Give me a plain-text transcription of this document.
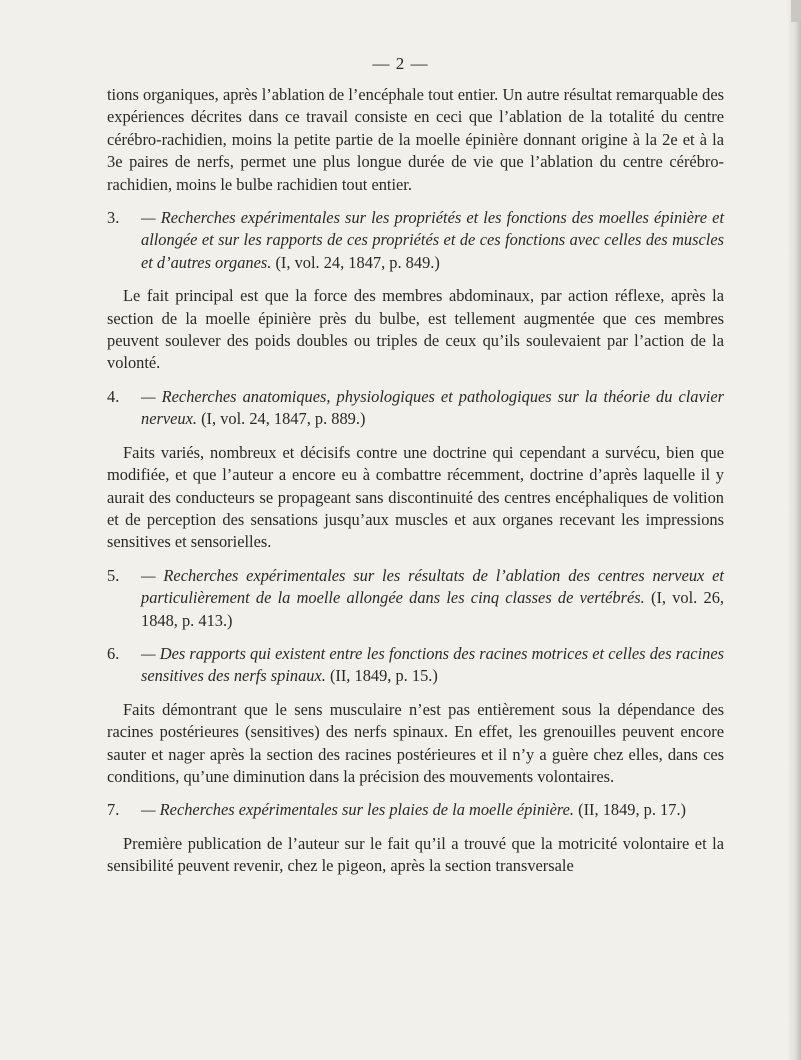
— 2 —

tions organiques, après l’ablation de l’encéphale tout entier. Un autre résultat remarquable des expériences décrites dans ce travail consiste en ceci que l’ablation de la totalité du centre cérébro-rachidien, moins la petite partie de la moelle épinière donnant origine à la 2e et à la 3e paires de nerfs, permet une plus longue durée de vie que l’ablation du centre cérébro-rachidien, moins le bulbe rachidien tout entier.

3. — Recherches expérimentales sur les propriétés et les fonctions des moelles épinière et allongée et sur les rapports de ces propriétés et de ces fonctions avec celles des muscles et d’autres organes. (I, vol. 24, 1847, p. 849.)

Le fait principal est que la force des membres abdominaux, par action réflexe, après la section de la moelle épinière près du bulbe, est tellement augmentée que ces membres peuvent soulever des poids doubles ou triples de ceux qu’ils soulevaient par l’action de la volonté.

4. — Recherches anatomiques, physiologiques et pathologiques sur la théorie du clavier nerveux. (I, vol. 24, 1847, p. 889.)

Faits variés, nombreux et décisifs contre une doctrine qui cependant a survécu, bien que modifiée, et que l’auteur a encore eu à combattre récemment, doctrine d’après laquelle il y aurait des conducteurs se propageant sans discontinuité des centres encéphaliques de volition et de perception des sensations jusqu’aux muscles et aux organes recevant les impressions sensitives et sensorielles.

5. — Recherches expérimentales sur les résultats de l’ablation des centres nerveux et particulièrement de la moelle allongée dans les cinq classes de vertébrés. (I, vol. 26, 1848, p. 413.)

6. — Des rapports qui existent entre les fonctions des racines motrices et celles des racines sensitives des nerfs spinaux. (II, 1849, p. 15.)

Faits démontrant que le sens musculaire n’est pas entièrement sous la dépendance des racines postérieures (sensitives) des nerfs spinaux. En effet, les grenouilles peuvent encore sauter et nager après la section des racines postérieures et il n’y a guère chez elles, dans ces conditions, qu’une diminution dans la précision des mouvements volontaires.

7. — Recherches expérimentales sur les plaies de la moelle épinière. (II, 1849, p. 17.)

Première publication de l’auteur sur le fait qu’il a trouvé que la motricité volontaire et la sensibilité peuvent revenir, chez le pigeon, après la section transversale
